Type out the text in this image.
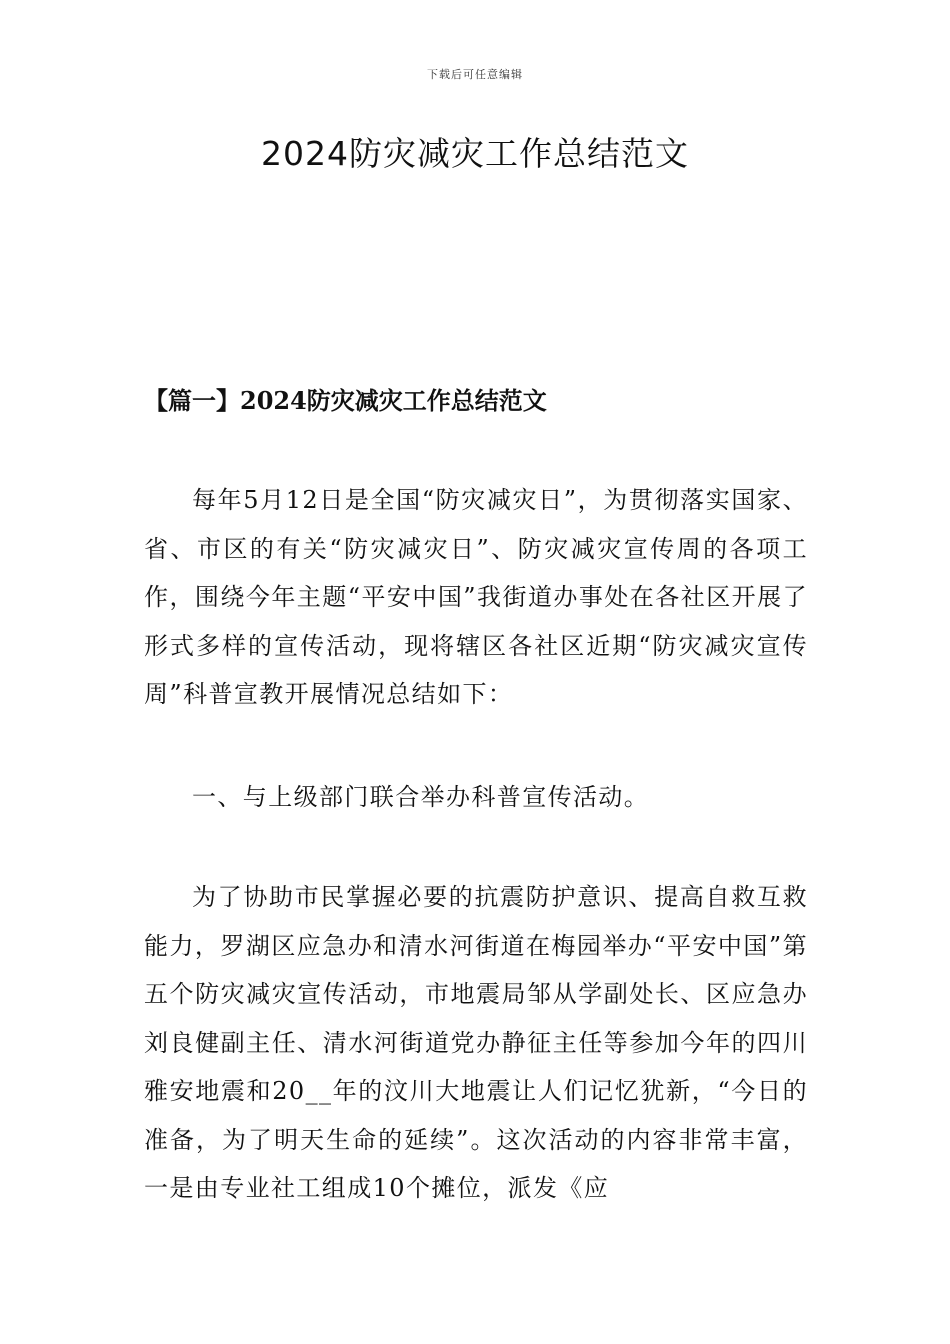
下载后可任意编辑
2024防灾减灾工作总结范文
【篇一】2024防灾减灾工作总结范文

每年5月12日是全国“防灾减灾日”，为贯彻落实国家、省、市区的有关“防灾减灾日”、防灾减灾宣传周的各项工作，围绕今年主题“平安中国”我街道办事处在各社区开展了形式多样的宣传活动，现将辖区各社区近期“防灾减灾宣传周”科普宣教开展情况总结如下：

一、与上级部门联合举办科普宣传活动。

为了协助市民掌握必要的抗震防护意识、提高自救互救能力，罗湖区应急办和清水河街道在梅园举办“平安中国”第五个防灾减灾宣传活动，市地震局邹从学副处长、区应急办刘良健副主任、清水河街道党办静征主任等参加今年的四川雅安地震和20__年的汶川大地震让人们记忆犹新，“今日的准备，为了明天生命的延续”。这次活动的内容非常丰富，一是由专业社工组成10个摊位，派发《应
